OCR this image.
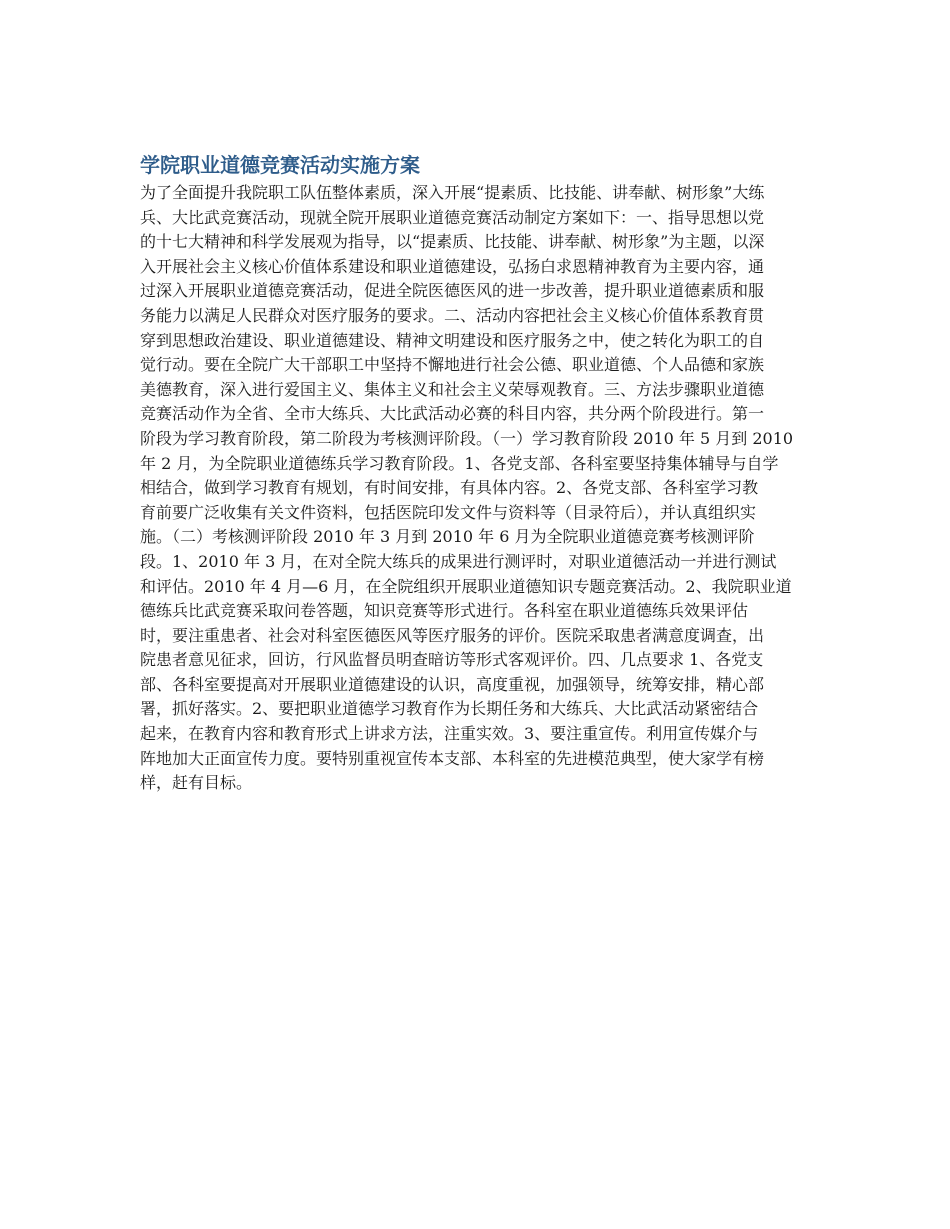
学院职业道德竞赛活动实施方案
为了全面提升我院职工队伍整体素质，深入开展“提素质、比技能、讲奉献、树形象”大练
兵、大比武竞赛活动，现就全院开展职业道德竞赛活动制定方案如下：一、指导思想以党
的十七大精神和科学发展观为指导，以“提素质、比技能、讲奉献、树形象”为主题，以深
入开展社会主义核心价值体系建设和职业道德建设，弘扬白求恩精神教育为主要内容，通
过深入开展职业道德竞赛活动，促进全院医德医风的进一步改善，提升职业道德素质和服
务能力以满足人民群众对医疗服务的要求。二、活动内容把社会主义核心价值体系教育贯
穿到思想政治建设、职业道德建设、精神文明建设和医疗服务之中，使之转化为职工的自
觉行动。要在全院广大干部职工中坚持不懈地进行社会公德、职业道德、个人品德和家族
美德教育，深入进行爱国主义、集体主义和社会主义荣辱观教育。三、方法步骤职业道德
竞赛活动作为全省、全市大练兵、大比武活动必赛的科目内容，共分两个阶段进行。第一
阶段为学习教育阶段，第二阶段为考核测评阶段。（一）学习教育阶段 2010 年 5 月到 2010
年 2 月，为全院职业道德练兵学习教育阶段。1、各党支部、各科室要坚持集体辅导与自学
相结合，做到学习教育有规划，有时间安排，有具体内容。2、各党支部、各科室学习教
育前要广泛收集有关文件资料，包括医院印发文件与资料等（目录符后），并认真组织实
施。（二）考核测评阶段 2010 年 3 月到 2010 年 6 月为全院职业道德竞赛考核测评阶
段。1、2010 年 3 月，在对全院大练兵的成果进行测评时，对职业道德活动一并进行测试
和评估。2010 年 4 月—6 月，在全院组织开展职业道德知识专题竞赛活动。2、我院职业道
德练兵比武竞赛采取问卷答题，知识竞赛等形式进行。各科室在职业道德练兵效果评估
时，要注重患者、社会对科室医德医风等医疗服务的评价。医院采取患者满意度调查，出
院患者意见征求，回访，行风监督员明查暗访等形式客观评价。四、几点要求 1、各党支
部、各科室要提高对开展职业道德建设的认识，高度重视，加强领导，统筹安排，精心部
署，抓好落实。2、要把职业道德学习教育作为长期任务和大练兵、大比武活动紧密结合
起来，在教育内容和教育形式上讲求方法，注重实效。3、要注重宣传。利用宣传媒介与
阵地加大正面宣传力度。要特别重视宣传本支部、本科室的先进模范典型，使大家学有榜
样，赶有目标。
